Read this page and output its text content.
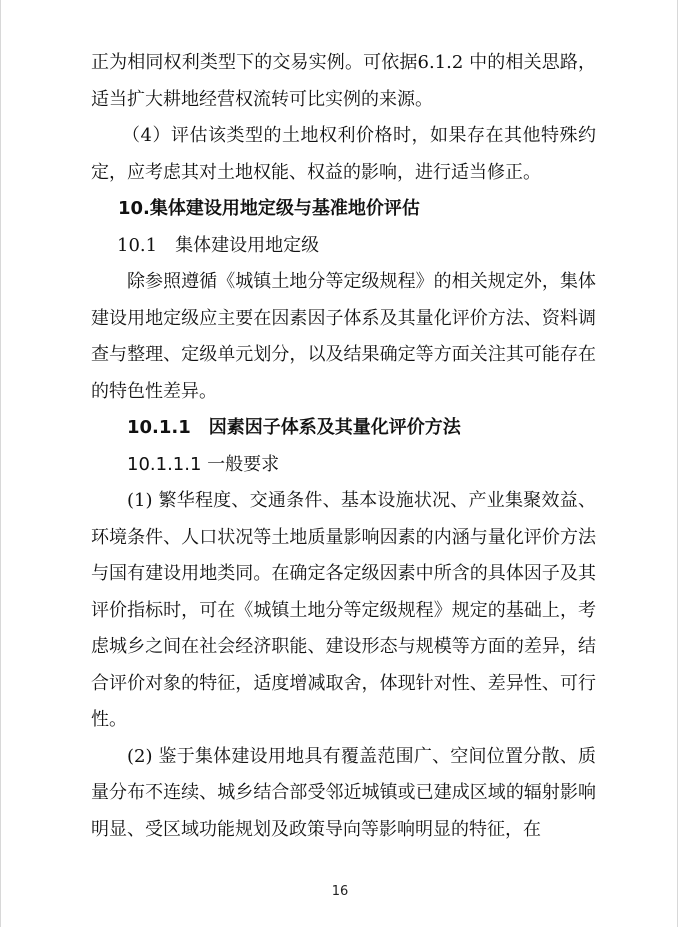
正为相同权利类型下的交易实例。可依据6.1.2 中的相关思路，适当扩大耕地经营权流转可比实例的来源。

（4）评估该类型的土地权利价格时，如果存在其他特殊约定，应考虑其对土地权能、权益的影响，进行适当修正。

10.集体建设用地定级与基准地价评估

10.1　集体建设用地定级

除参照遵循《城镇土地分等定级规程》的相关规定外，集体建设用地定级应主要在因素因子体系及其量化评价方法、资料调查与整理、定级单元划分，以及结果确定等方面关注其可能存在的特色性差异。

10.1.1　因素因子体系及其量化评价方法

10.1.1.1 一般要求

(1) 繁华程度、交通条件、基本设施状况、产业集聚效益、环境条件、人口状况等土地质量影响因素的内涵与量化评价方法与国有建设用地类同。在确定各定级因素中所含的具体因子及其评价指标时，可在《城镇土地分等定级规程》规定的基础上，考虑城乡之间在社会经济职能、建设形态与规模等方面的差异，结合评价对象的特征，适度增减取舍，体现针对性、差异性、可行性。

(2) 鉴于集体建设用地具有覆盖范围广、空间位置分散、质量分布不连续、城乡结合部受邻近城镇或已建成区域的辐射影响明显、受区域功能规划及政策导向等影响明显的特征，在

16
